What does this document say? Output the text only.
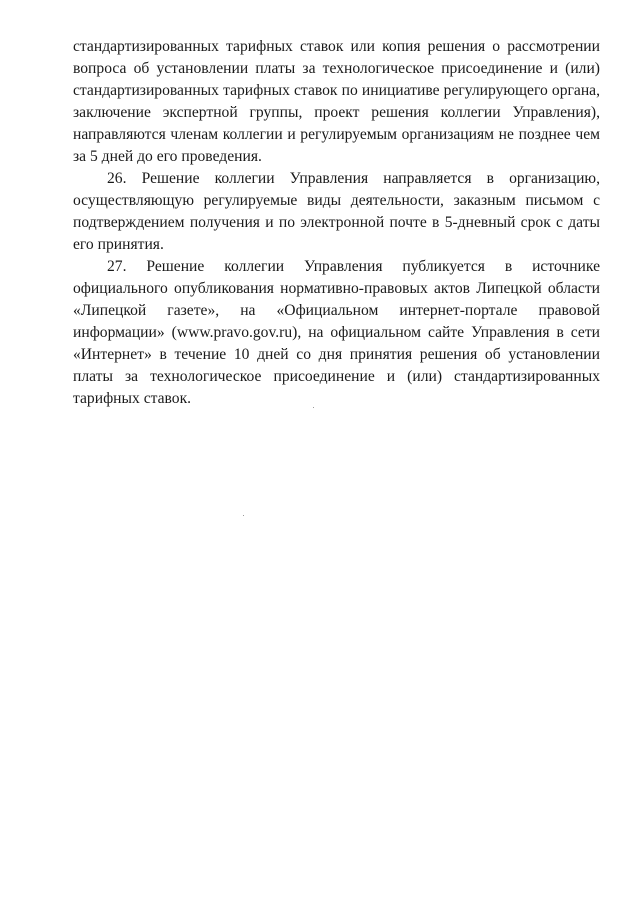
стандартизированных тарифных ставок или копия решения о рассмотрении вопроса об установлении платы за технологическое присоединение и (или) стандартизированных тарифных ставок по инициативе регулирующего органа, заключение экспертной группы, проект решения коллегии Управления), направляются членам коллегии и регулируемым организациям не позднее чем за 5 дней до его проведения.

26. Решение коллегии Управления направляется в организацию, осуществляющую регулируемые виды деятельности, заказным письмом с подтверждением получения и по электронной почте в 5-дневный срок с даты его принятия.

27. Решение коллегии Управления публикуется в источнике официального опубликования нормативно-правовых актов Липецкой области «Липецкой газете», на «Официальном интернет-портале правовой информации» (www.pravo.gov.ru), на официальном сайте Управления в сети «Интернет» в течение 10 дней со дня принятия решения об установлении платы за технологическое присоединение и (или) стандартизированных тарифных ставок.
